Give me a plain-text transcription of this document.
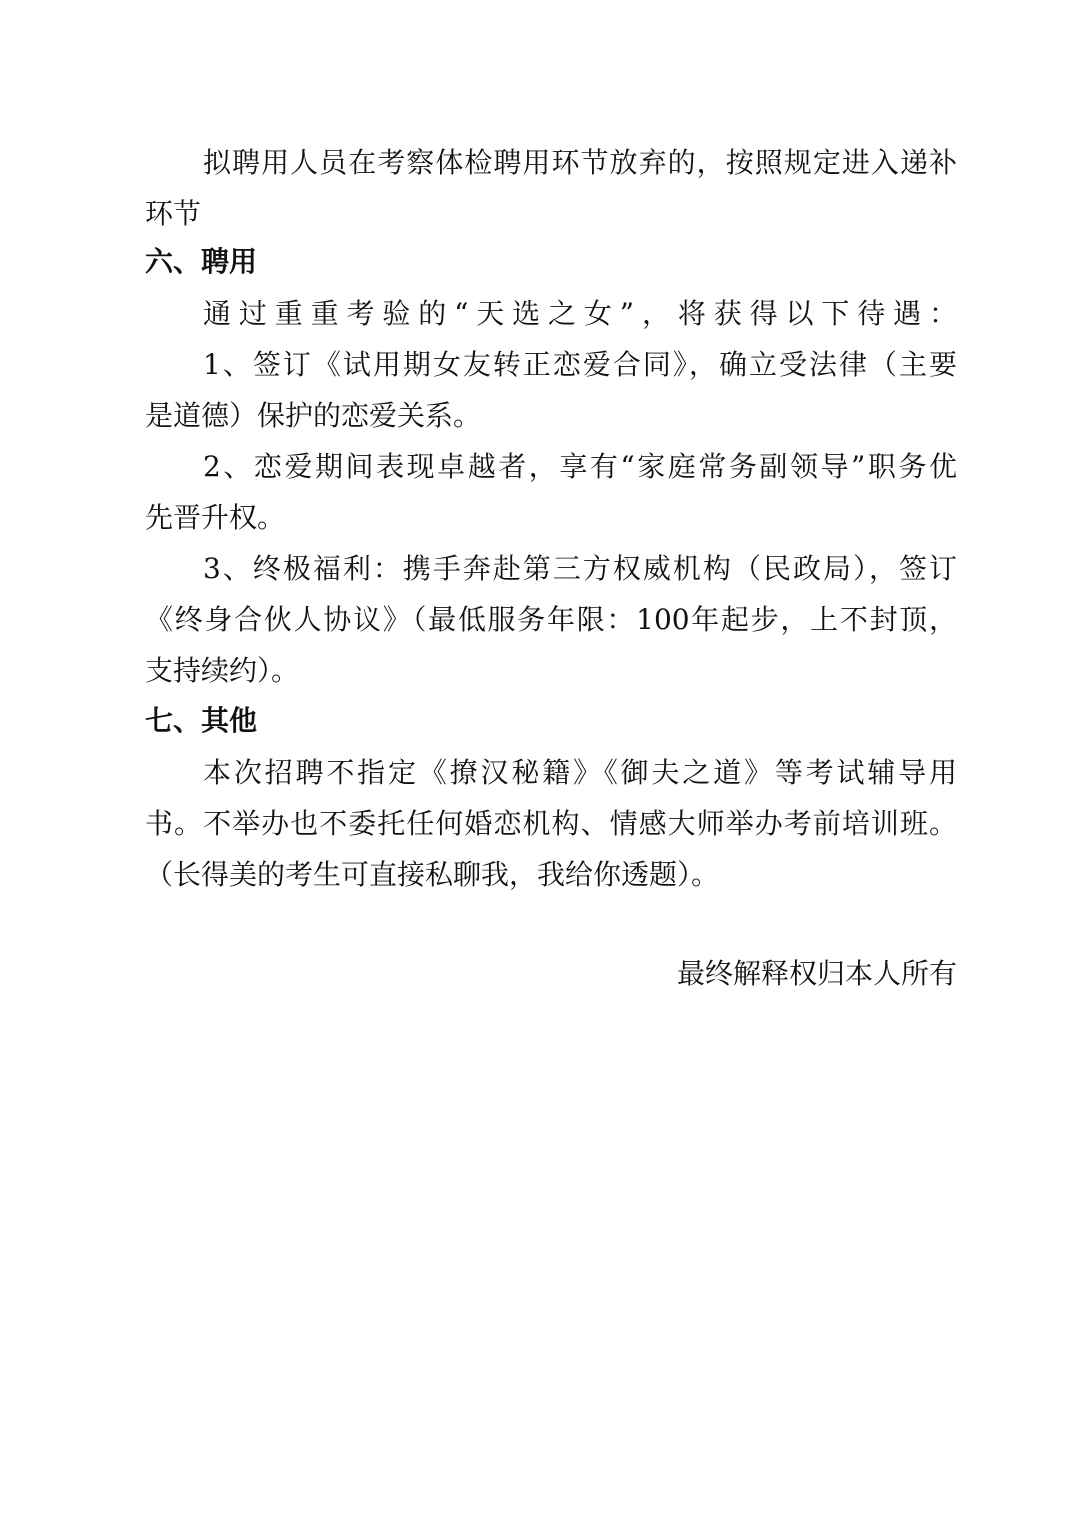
拟聘用人员在考察体检聘用环节放弃的，按照规定进入递补
环节
六、聘用
通过重重考验的“天选之女”，将获得以下待遇：
1、签订《试用期女友转正恋爱合同》，确立受法律（主要
是道德）保护的恋爱关系。
2、恋爱期间表现卓越者，享有“家庭常务副领导”职务优
先晋升权。
3、终极福利：携手奔赴第三方权威机构（民政局），签订
《终身合伙人协议》（最低服务年限：100年起步，上不封顶，
支持续约）。
七、其他
本次招聘不指定《撩汉秘籍》《御夫之道》等考试辅导用
书。不举办也不委托任何婚恋机构、情感大师举办考前培训班。
（长得美的考生可直接私聊我，我给你透题）。
最终解释权归本人所有
